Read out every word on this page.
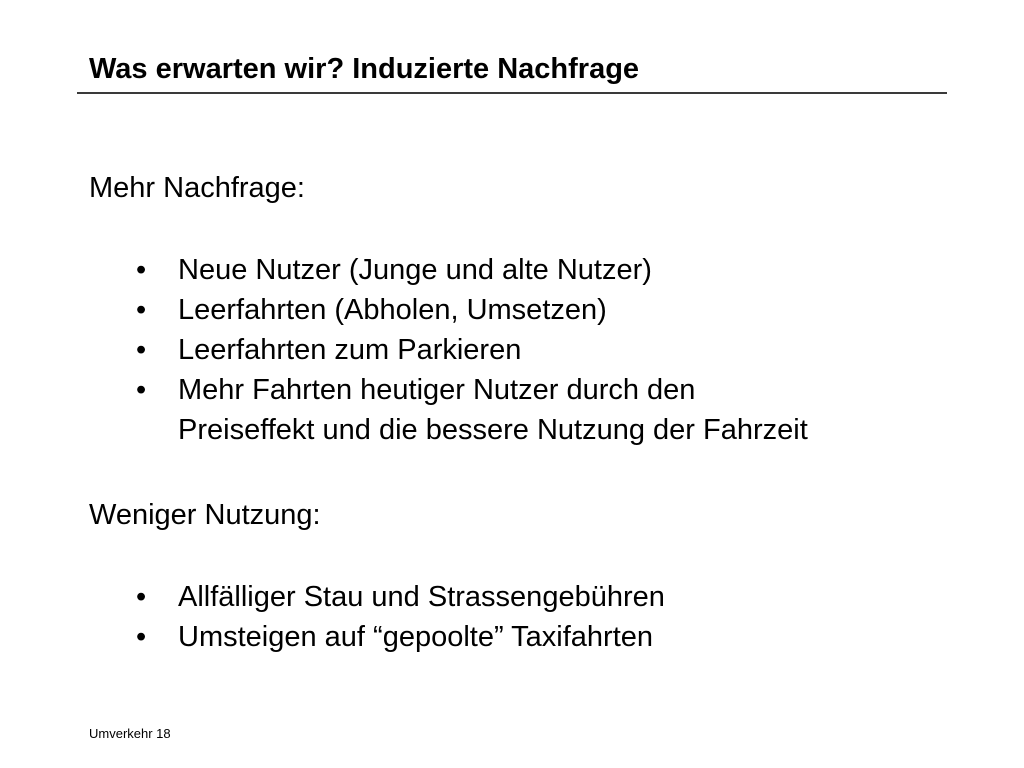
Was erwarten wir? Induzierte Nachfrage
Mehr Nachfrage:
•	Neue Nutzer (Junge und alte Nutzer)
•	Leerfahrten (Abholen, Umsetzen)
•	Leerfahrten zum Parkieren
•	Mehr Fahrten heutiger Nutzer durch den
Preiseffekt und die bessere Nutzung der Fahrzeit
Weniger Nutzung:
•	Allfälliger Stau und Strassengebühren
•	Umsteigen auf “gepoolte” Taxifahrten
Umverkehr 18
